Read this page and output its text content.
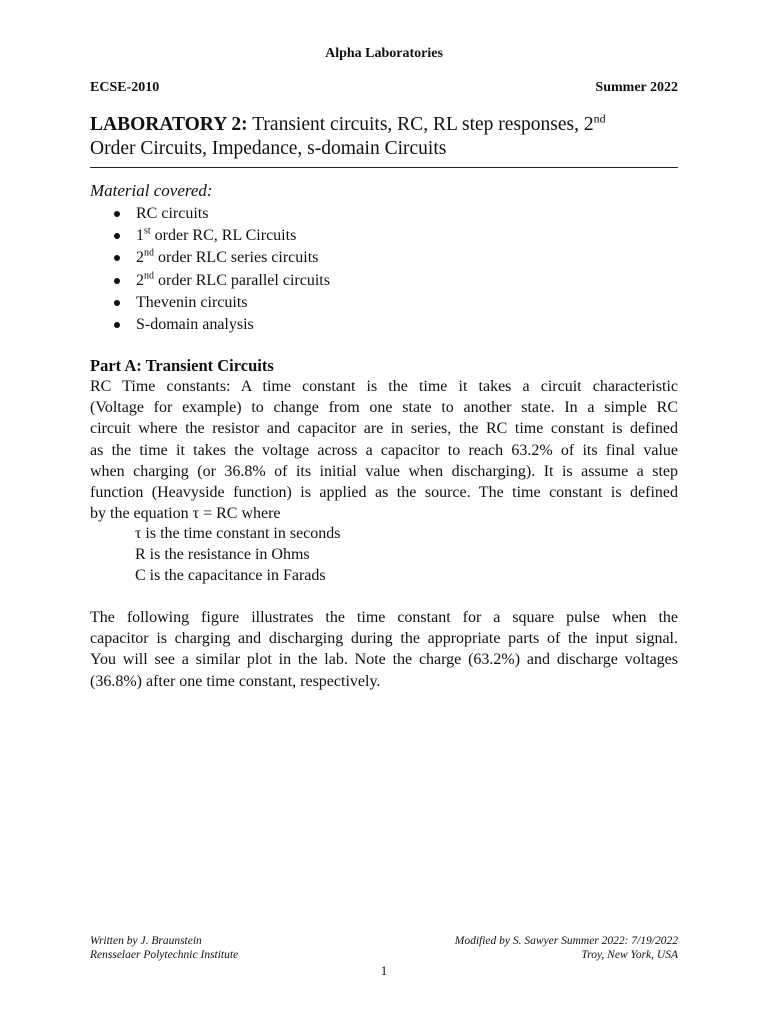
Alpha Laboratories
ECSE-2010	Summer 2022
LABORATORY 2: Transient circuits, RC, RL step responses, 2nd
Order Circuits, Impedance, s-domain Circuits
Material covered:
RC circuits
1st order RC, RL Circuits
2nd order RLC series circuits
2nd order RLC parallel circuits
Thevenin circuits
S-domain analysis
Part A: Transient Circuits
RC Time constants: A time constant is the time it takes a circuit characteristic
(Voltage for example) to change from one state to another state. In a simple RC
circuit where the resistor and capacitor are in series, the RC time constant is defined
as the time it takes the voltage across a capacitor to reach 63.2% of its final value
when charging (or 36.8% of its initial value when discharging). It is assume a step
function (Heavyside function) is applied as the source. The time constant is defined
by the equation τ = RC where
τ is the time constant in seconds
R is the resistance in Ohms
C is the capacitance in Farads
The following figure illustrates the time constant for a square pulse when the
capacitor is charging and discharging during the appropriate parts of the input signal.
You will see a similar plot in the lab. Note the charge (63.2%) and discharge voltages
(36.8%) after one time constant, respectively.
Written by J. Braunstein
Rensselaer Polytechnic Institute
Modified by S. Sawyer Summer 2022: 7/19/2022
Troy, New York, USA
1
